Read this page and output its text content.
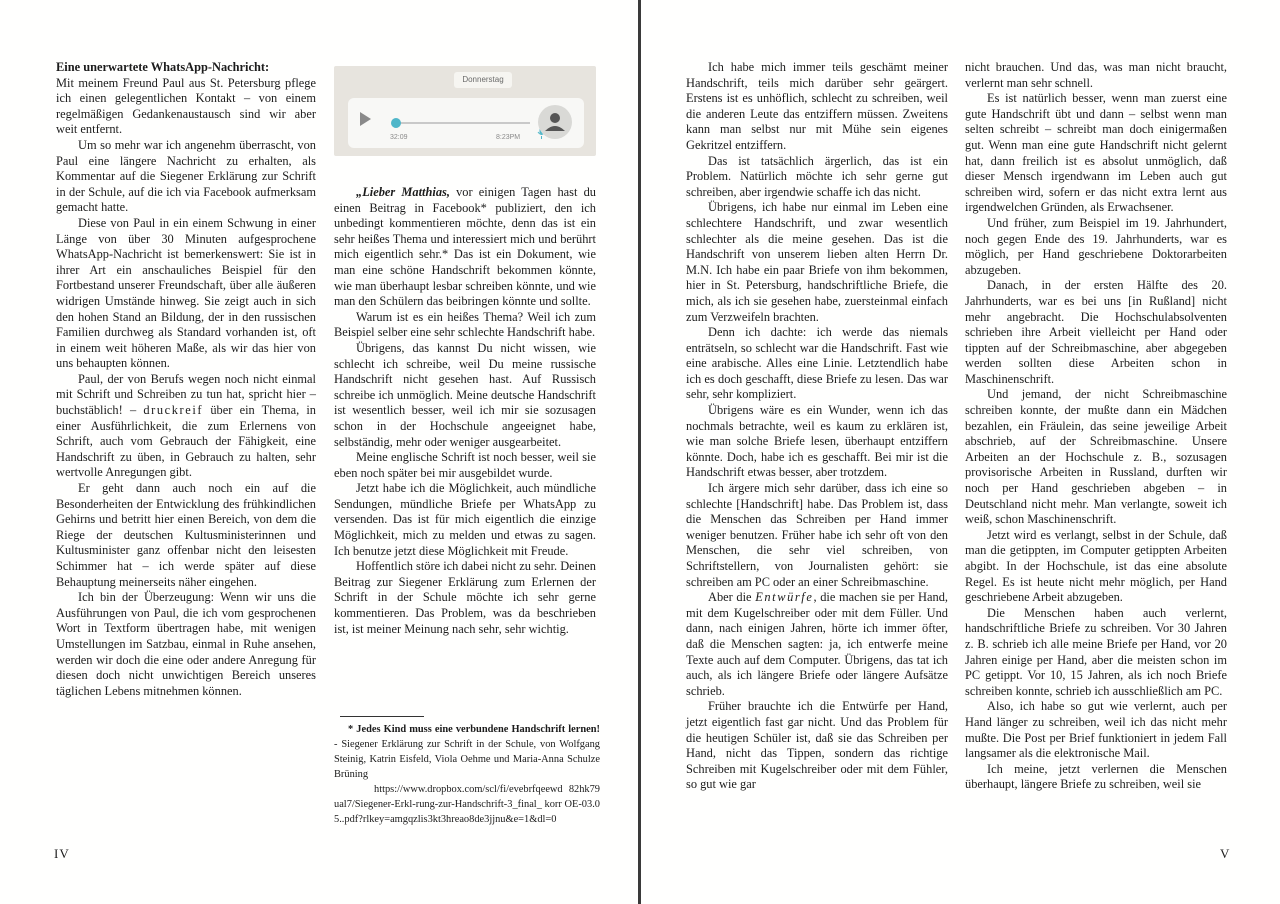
Eine unerwartete WhatsApp-Nachricht:

Mit meinem Freund Paul aus St. Petersburg pflege ich einen gelegentlichen Kontakt – von einem regelmäßigen Gedankenaustausch sind wir aber weit entfernt.

Um so mehr war ich angenehm überrascht, von Paul eine längere Nachricht zu erhalten, als Kommentar auf die Siegener Erklärung zur Schrift in der Schule, auf die ich via Facebook aufmerksam gemacht hatte.

Diese von Paul in ein einem Schwung in einer Länge von über 30 Minuten aufgesprochene WhatsApp-Nachricht ist bemerkenswert: Sie ist in ihrer Art ein anschauliches Beispiel für den Fortbestand unserer Freundschaft, über alle äußeren widrigen Umstände hinweg. Sie zeigt auch in sich den hohen Stand an Bildung, der in den russischen Familien durchweg als Standard vorhanden ist, oft in einem weit höheren Maße, als wir das hier von uns behaupten können.

Paul, der von Berufs wegen noch nicht einmal mit Schrift und Schreiben zu tun hat, spricht hier – buchstäblich! – druckreif über ein Thema, in einer Ausführlichkeit, die zum Erlernens von Schrift, auch vom Gebrauch der Fähigkeit, eine Handschrift zu üben, in Gebrauch zu halten, sehr wertvolle Anregungen gibt.

Er geht dann auch noch ein auf die Besonderheiten der Entwicklung des frühkindlichen Gehirns und betritt hier einen Bereich, von dem die Riege der deutschen Kultusministerinnen und Kultusminister ganz offenbar nicht den leisesten Schimmer hat – ich werde später auf diese Behauptung meinerseits näher eingehen.

Ich bin der Überzeugung: Wenn wir uns die Ausführungen von Paul, die ich vom gesprochenen Wort in Textform übertragen habe, mit wenigen Umstellungen im Satzbau, einmal in Ruhe ansehen, werden wir doch die eine oder andere Anregung für diesen doch nicht unwichtigen Bereich unseres täglichen Lebens mitnehmen können.

Donnerstag
32:09	8:23PM

„Lieber Matthias, vor einigen Tagen hast du einen Beitrag in Facebook* publiziert, den ich unbedingt kommentieren möchte, denn das ist ein sehr heißes Thema und interessiert mich und berührt mich eigentlich sehr.* Das ist ein Dokument, wie man eine schöne Handschrift bekommen könnte, wie man überhaupt lesbar schreiben könnte, und wie man den Schülern das beibringen könnte und sollte.

Warum ist es ein heißes Thema? Weil ich zum Beispiel selber eine sehr schlechte Handschrift habe.

Übrigens, das kannst Du nicht wissen, wie schlecht ich schreibe, weil Du meine russische Handschrift nicht gesehen hast. Auf Russisch schreibe ich unmöglich. Meine deutsche Handschrift ist wesentlich besser, weil ich mir sie sozusagen schon in der Hochschule angeeignet habe, selbständig, mehr oder weniger ausgearbeitet.

Meine englische Schrift ist noch besser, weil sie eben noch später bei mir ausgebildet wurde.

Jetzt habe ich die Möglichkeit, auch mündliche Sendungen, mündliche Briefe per WhatsApp zu versenden. Das ist für mich eigentlich die einzige Möglichkeit, mich zu melden und etwas zu sagen. Ich benutze jetzt diese Möglichkeit mit Freude.

Hoffentlich störe ich dabei nicht zu sehr. Deinen Beitrag zur Siegener Erklärung zum Erlernen der Schrift in der Schule möchte ich sehr gerne kommentieren. Das Problem, was da beschrieben ist, ist meiner Meinung nach sehr, sehr wichtig.

* Jedes Kind muss eine verbundene Handschrift lernen! - Siegener Erklärung zur Schrift in der Schule, von Wolfgang Steinig, Katrin Eisfeld, Viola Oehme und Maria-Anna Schulze Brüning

https://www.dropbox.com/scl/fi/evebrfqeewd 82hk79 ual7/Siegener-Erkl-rung-zur-Handschrift-3_final_ korr OE-03.05..pdf?rlkey=amgqzlis3kt3hreao8de3jjnu&e=1&dl=0

IV

Ich habe mich immer teils geschämt meiner Handschrift, teils mich darüber sehr geärgert. Erstens ist es unhöflich, schlecht zu schreiben, weil die anderen Leute das entziffern müssen. Zweitens kann man selbst nur mit Mühe sein eigenes Gekritzel entziffern.

Das ist tatsächlich ärgerlich, das ist ein Problem. Natürlich möchte ich sehr gerne gut schreiben, aber irgendwie schaffe ich das nicht.

Übrigens, ich habe nur einmal im Leben eine schlechtere Handschrift, und zwar wesentlich schlechter als die meine gesehen. Das ist die Handschrift von unserem lieben alten Herrn Dr. M.N. Ich habe ein paar Briefe von ihm bekommen, hier in St. Petersburg, handschriftliche Briefe, die mich, als ich sie gesehen habe, zuersteinmal einfach zum Verzweifeln brachten.

Denn ich dachte: ich werde das niemals enträtseln, so schlecht war die Handschrift. Fast wie eine arabische. Alles eine Linie. Letztendlich habe ich es doch geschafft, diese Briefe zu lesen. Das war sehr, sehr kompliziert.

Übrigens wäre es ein Wunder, wenn ich das nochmals betrachte, weil es kaum zu erklären ist, wie man solche Briefe lesen, überhaupt entziffern könnte. Doch, habe ich es geschafft. Bei mir ist die Handschrift etwas besser, aber trotzdem.

Ich ärgere mich sehr darüber, dass ich eine so schlechte [Handschrift] habe. Das Problem ist, dass die Menschen das Schreiben per Hand immer weniger benutzen. Früher habe ich sehr oft von den Menschen, die sehr viel schreiben, von Schriftstellern, von Journalisten gehört: sie schreiben am PC oder an einer Schreibmaschine.

Aber die Entwürfe, die machen sie per Hand, mit dem Kugelschreiber oder mit dem Füller. Und dann, nach einigen Jahren, hörte ich immer öfter, daß die Menschen sagten: ja, ich entwerfe meine Texte auch auf dem Computer. Übrigens, das tat ich auch, als ich längere Briefe oder längere Aufsätze schrieb.

Früher brauchte ich die Entwürfe per Hand, jetzt eigentlich fast gar nicht. Und das Problem für die heutigen Schüler ist, daß sie das Schreiben per Hand, nicht das Tippen, sondern das richtige Schreiben mit Kugelschreiber oder mit dem Fühler, so gut wie gar

nicht brauchen. Und das, was man nicht braucht, verlernt man sehr schnell.

Es ist natürlich besser, wenn man zuerst eine gute Handschrift übt und dann – selbst wenn man selten schreibt – schreibt man doch einigermaßen gut. Wenn man eine gute Handschrift nicht gelernt hat, dann freilich ist es absolut unmöglich, daß dieser Mensch irgendwann im Leben auch gut schreiben wird, sofern er das nicht extra lernt aus irgendwelchen Gründen, als Erwachsener.

Und früher, zum Beispiel im 19. Jahrhundert, noch gegen Ende des 19. Jahrhunderts, war es möglich, per Hand geschriebene Doktorarbeiten abzugeben.

Danach, in der ersten Hälfte des 20. Jahrhunderts, war es bei uns [in Rußland] nicht mehr angebracht. Die Hochschulabsolventen schrieben ihre Arbeit vielleicht per Hand oder tippten auf der Schreibmaschine, aber abgegeben werden sollten diese Arbeiten schon in Maschinenschrift.

Und jemand, der nicht Schreibmaschine schreiben konnte, der mußte dann ein Mädchen bezahlen, ein Fräulein, das seine jeweilige Arbeit abschrieb, auf der Schreibmaschine. Unsere Arbeiten an der Hochschule z. B., sozusagen provisorische Arbeiten in Russland, durften wir noch per Hand geschrieben abgeben – in Deutschland nicht mehr. Man verlangte, soweit ich weiß, schon Maschinenschrift.

Jetzt wird es verlangt, selbst in der Schule, daß man die getippten, im Computer getippten Arbeiten abgibt. In der Hochschule, ist das eine absolute Regel. Es ist heute nicht mehr möglich, per Hand geschriebene Arbeit abzugeben.

Die Menschen haben auch verlernt, handschriftliche Briefe zu schreiben. Vor 30 Jahren z. B. schrieb ich alle meine Briefe per Hand, vor 20 Jahren einige per Hand, aber die meisten schon im PC getippt. Vor 10, 15 Jahren, als ich noch Briefe schreiben konnte, schrieb ich ausschließlich am PC.

Also, ich habe so gut wie verlernt, auch per Hand länger zu schreiben, weil ich das nicht mehr mußte. Die Post per Brief funktioniert in jedem Fall langsamer als die elektronische Mail.

Ich meine, jetzt verlernen die Menschen überhaupt, längere Briefe zu schreiben, weil sie

V
